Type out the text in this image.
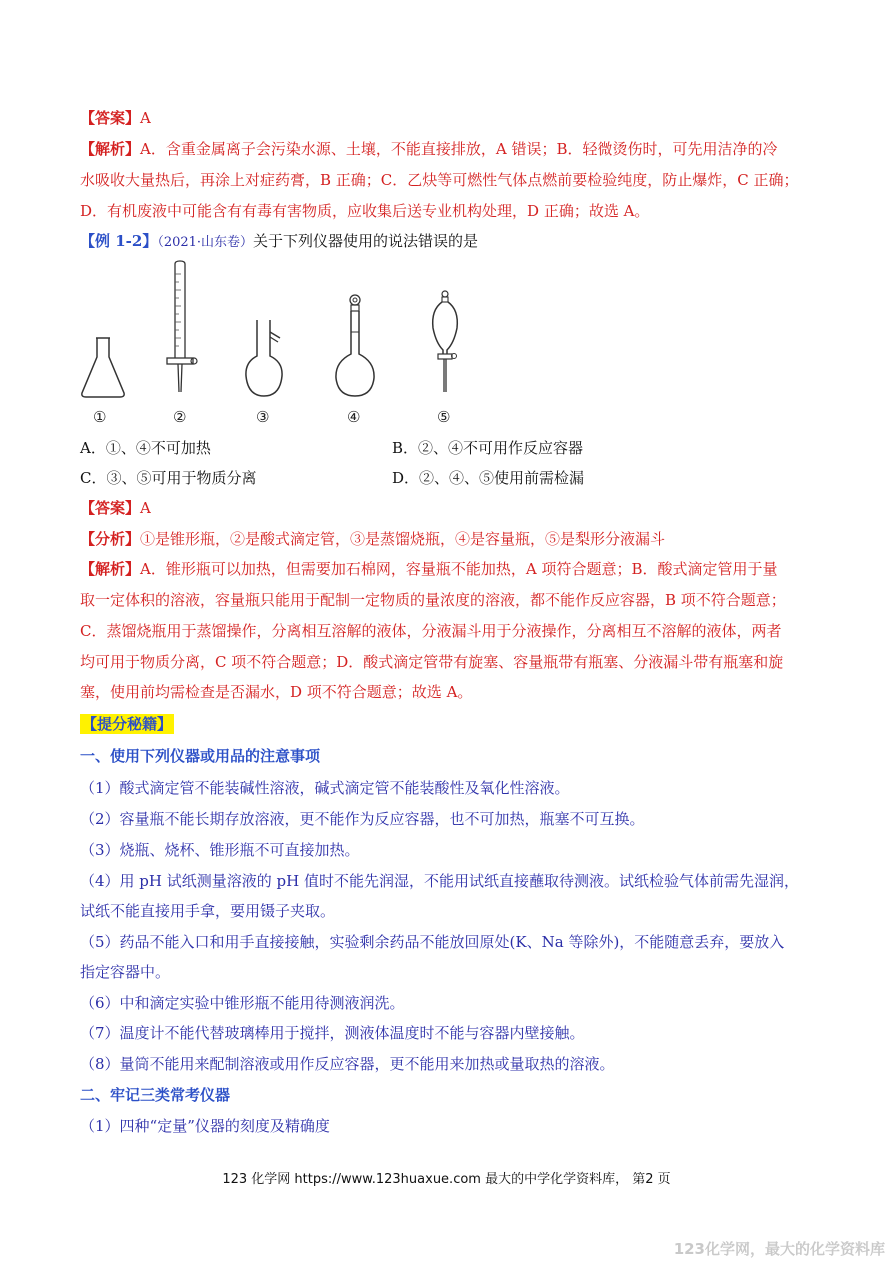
【答案】A
【解析】A．含重金属离子会污染水源、土壤，不能直接排放，A 错误；B．轻微烫伤时，可先用洁净的冷
水吸收大量热后，再涂上对症药膏，B 正确；C．乙炔等可燃性气体点燃前要检验纯度，防止爆炸，C 正确；
D．有机废液中可能含有有毒有害物质，应收集后送专业机构处理，D 正确；故选 A。
【例 1-2】（2021·山东卷）关于下列仪器使用的说法错误的是
①	②	③	④	⑤
A．①、④不可加热	B．②、④不可用作反应容器
C．③、⑤可用于物质分离	D．②、④、⑤使用前需检漏
【答案】A
【分析】①是锥形瓶，②是酸式滴定管，③是蒸馏烧瓶，④是容量瓶，⑤是梨形分液漏斗
【解析】A．锥形瓶可以加热，但需要加石棉网，容量瓶不能加热，A 项符合题意；B．酸式滴定管用于量
取一定体积的溶液，容量瓶只能用于配制一定物质的量浓度的溶液，都不能作反应容器，B 项不符合题意；
C．蒸馏烧瓶用于蒸馏操作，分离相互溶解的液体，分液漏斗用于分液操作，分离相互不溶解的液体，两者
均可用于物质分离，C 项不符合题意；D．酸式滴定管带有旋塞、容量瓶带有瓶塞、分液漏斗带有瓶塞和旋
塞，使用前均需检查是否漏水，D 项不符合题意；故选 A。
【提分秘籍】
一、使用下列仪器或用品的注意事项
（1）酸式滴定管不能装碱性溶液，碱式滴定管不能装酸性及氧化性溶液。
（2）容量瓶不能长期存放溶液，更不能作为反应容器，也不可加热，瓶塞不可互换。
（3）烧瓶、烧杯、锥形瓶不可直接加热。
（4）用 pH 试纸测量溶液的 pH 值时不能先润湿，不能用试纸直接蘸取待测液。试纸检验气体前需先湿润，
试纸不能直接用手拿，要用镊子夹取。
（5）药品不能入口和用手直接接触，实验剩余药品不能放回原处(K、Na 等除外)，不能随意丢弃，要放入
指定容器中。
（6）中和滴定实验中锥形瓶不能用待测液润洗。
（7）温度计不能代替玻璃棒用于搅拌，测液体温度时不能与容器内壁接触。
（8）量筒不能用来配制溶液或用作反应容器，更不能用来加热或量取热的溶液。
二、牢记三类常考仪器
（1）四种“定量”仪器的刻度及精确度
123 化学网 https://www.123huaxue.com 最大的中学化学资料库， 第2 页
123化学网，最大的化学资料库
